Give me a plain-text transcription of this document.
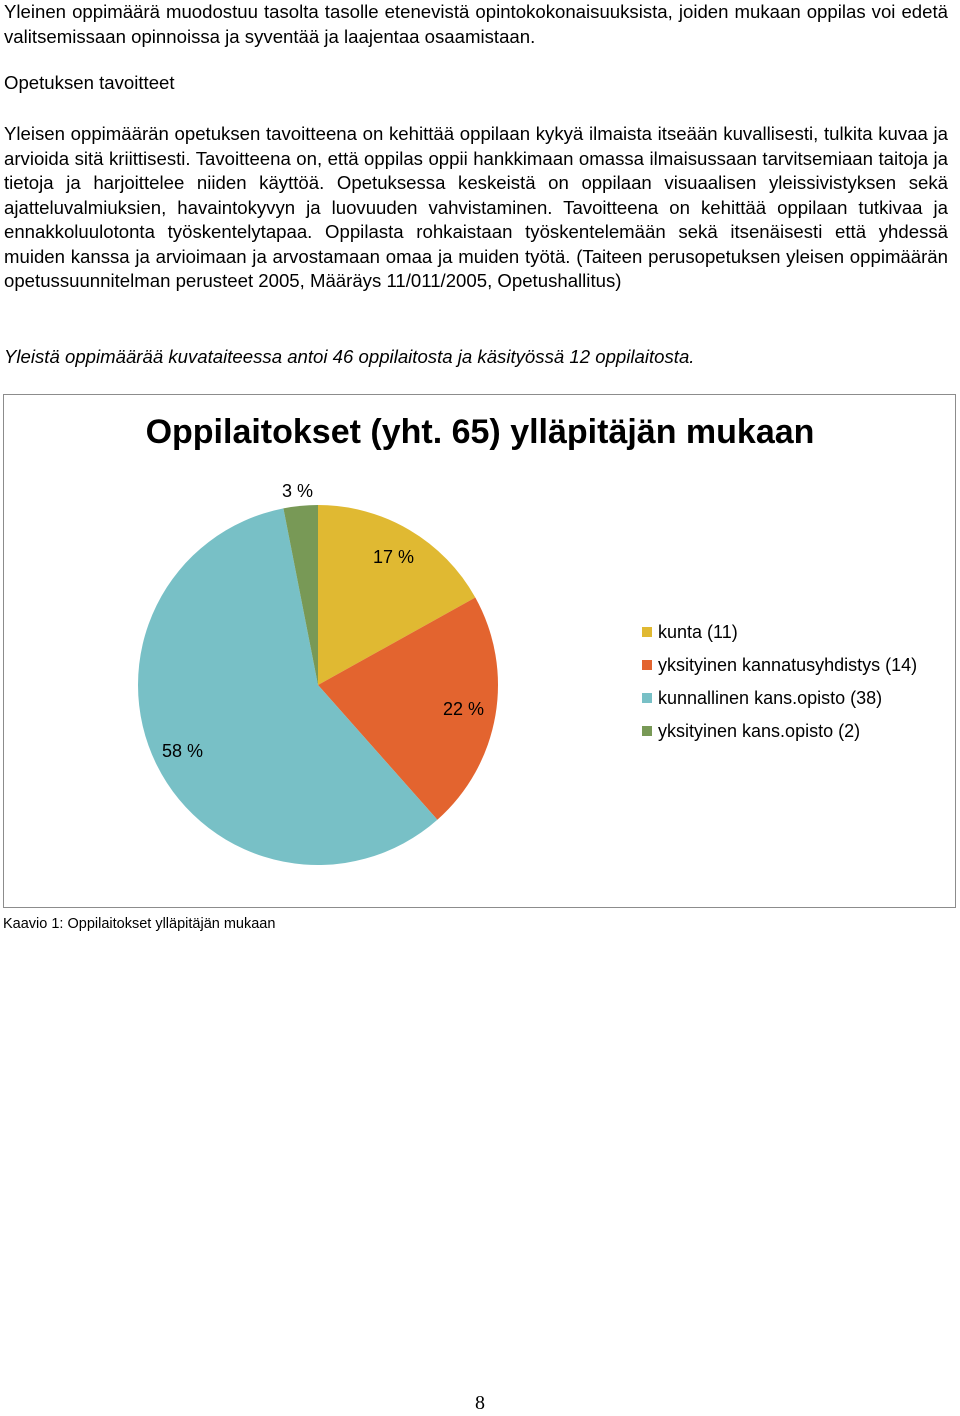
Yleinen oppimäärä muodostuu tasolta tasolle etenevistä opintokokonaisuuksista, joiden mukaan oppilas voi edetä valitsemissaan opinnoissa ja syventää ja laajentaa osaamistaan.

Opetuksen tavoitteet

Yleisen oppimäärän opetuksen tavoitteena on kehittää oppilaan kykyä ilmaista itseään kuvallisesti, tulkita kuvaa ja arvioida sitä kriittisesti. Tavoitteena on, että oppilas oppii hankkimaan omassa ilmaisussaan tarvitsemiaan taitoja ja tietoja ja harjoittelee niiden käyttöä. Opetuksessa keskeistä on oppilaan visuaalisen yleissivistyksen sekä ajatteluvalmiuksien, havaintokyvyn ja luovuuden vahvistaminen. Tavoitteena on kehittää oppilaan tutkivaa ja ennakkoluulotonta työskentelytapaa. Oppilasta rohkaistaan työskentelemään sekä itsenäisesti että yhdessä muiden kanssa ja arvioimaan ja arvostamaan omaa ja muiden työtä. (Taiteen perusopetuksen yleisen oppimäärän opetussuunnitelman perusteet 2005, Määräys 11/011/2005, Opetushallitus)

Yleistä oppimäärää kuvataiteessa antoi 46 oppilaitosta ja käsityössä 12 oppilaitosta.

Oppilaitokset (yht. 65) ylläpitäjän mukaan
17 %
22 %
58 %
3 %
kunta (11)
yksityinen kannatusyhdistys (14)
kunnallinen kans.opisto (38)
yksityinen kans.opisto (2)

Kaavio 1: Oppilaitokset ylläpitäjän mukaan

8
